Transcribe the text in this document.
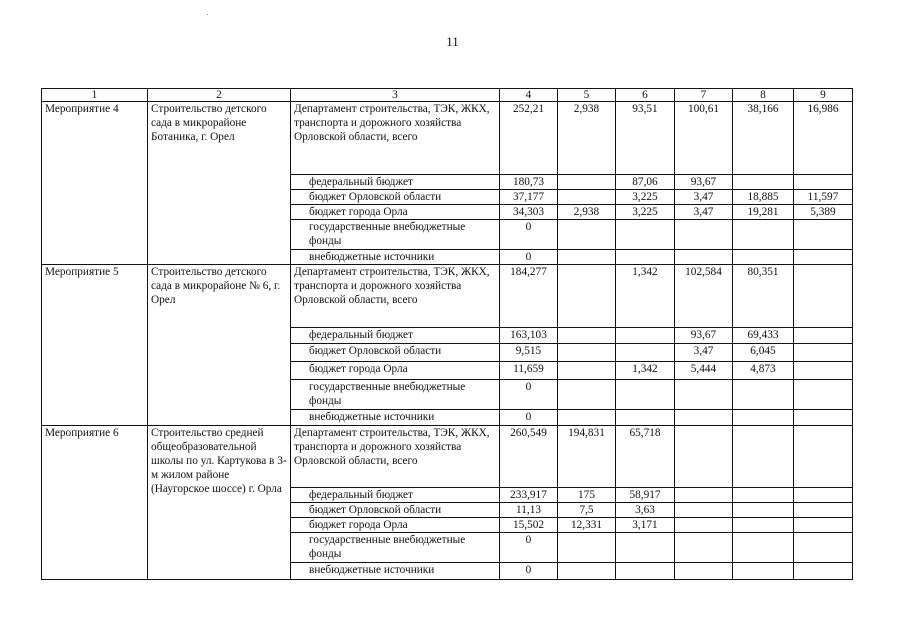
11
1	2	3	4	5	6	7	8	9
Мероприятие 4	Строительство детского сада в микрорайоне Ботаника, г. Орел	Департамент строительства, ТЭК, ЖКХ, транспорта и дорожного хозяйства Орловской области, всего	252,21	2,938	93,51	100,61	38,166	16,986
		федеральный бюджет	180,73		87,06	93,67		
		бюджет Орловской области	37,177		3,225	3,47	18,885	11,597
		бюджет города Орла	34,303	2,938	3,225	3,47	19,281	5,389
		государственные внебюджетные фонды	0					
		внебюджетные источники	0					
Мероприятие 5	Строительство детского сада в микрорайоне № 6, г. Орел	Департамент строительства, ТЭК, ЖКХ, транспорта и дорожного хозяйства Орловской области, всего	184,277		1,342	102,584	80,351	
		федеральный бюджет	163,103			93,67	69,433	
		бюджет Орловской области	9,515			3,47	6,045	
		бюджет города Орла	11,659		1,342	5,444	4,873	
		государственные внебюджетные фонды	0					
		внебюджетные источники	0					
Мероприятие 6	Строительство средней общеобразовательной школы по ул. Картукова в 3-м жилом районе (Наугорское шоссе) г. Орла	Департамент строительства, ТЭК, ЖКХ, транспорта и дорожного хозяйства Орловской области, всего	260,549	194,831	65,718			
		федеральный бюджет	233,917	175	58,917			
		бюджет Орловской области	11,13	7,5	3,63			
		бюджет города Орла	15,502	12,331	3,171			
		государственные внебюджетные фонды	0					
		внебюджетные источники	0					
